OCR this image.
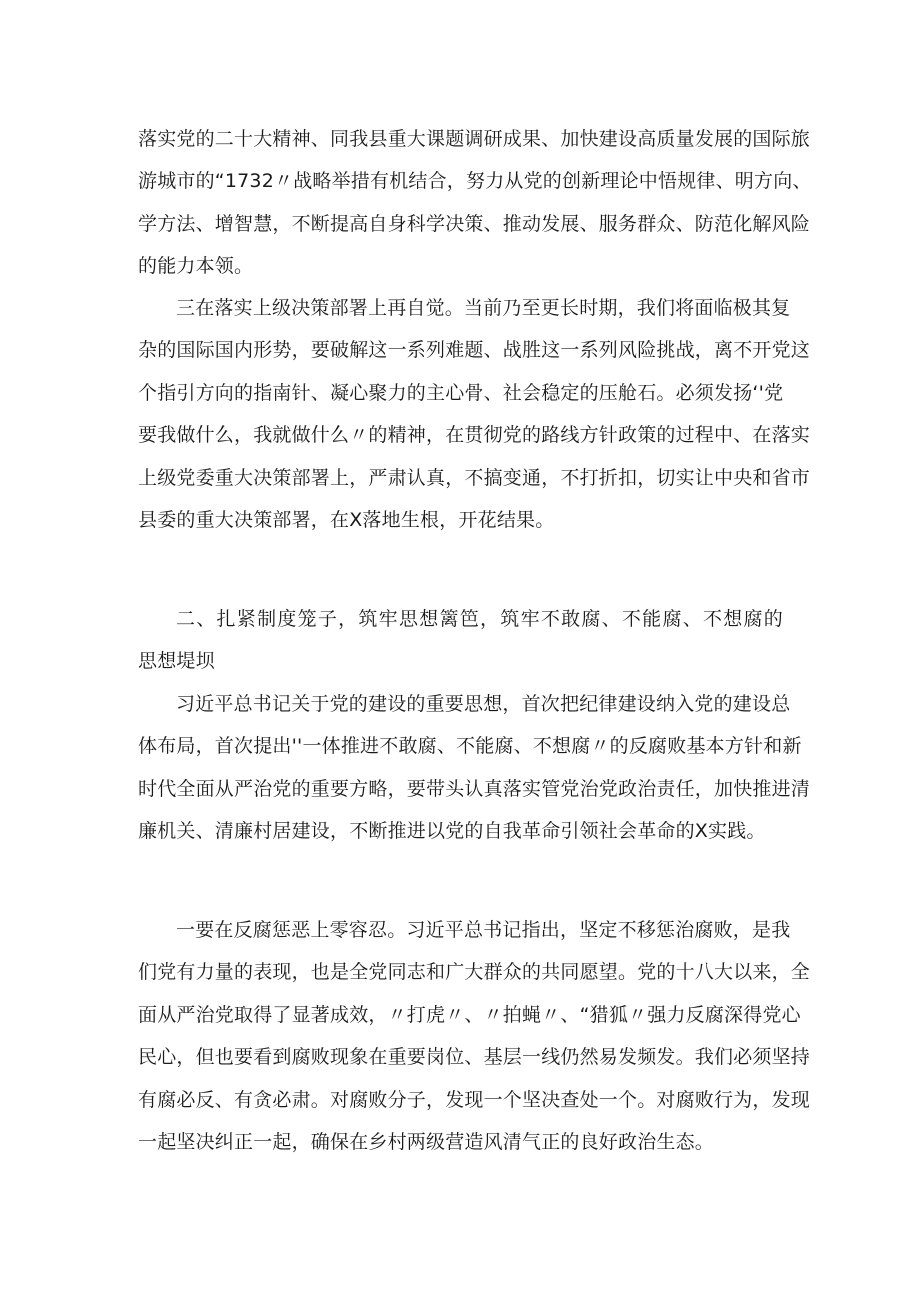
落实党的二十大精神、同我县重大课题调研成果、加快建设高质量发展的国际旅
游城市的“1732〃战略举措有机结合，努力从党的创新理论中悟规律、明方向、
学方法、增智慧，不断提高自身科学决策、推动发展、服务群众、防范化解风险
的能力本领。
三在落实上级决策部署上再自觉。当前乃至更长时期，我们将面临极其复
杂的国际国内形势，要破解这一系列难题、战胜这一系列风险挑战，离不开党这
个指引方向的指南针、凝心聚力的主心骨、社会稳定的压舱石。必须发扬‘'党
要我做什么，我就做什么〃的精神，在贯彻党的路线方针政策的过程中、在落实
上级党委重大决策部署上，严肃认真，不搞变通，不打折扣，切实让中央和省市
县委的重大决策部署，在X落地生根，开花结果。
二、扎紧制度笼子，筑牢思想篱笆，筑牢不敢腐、不能腐、不想腐的
思想堤坝
习近平总书记关于党的建设的重要思想，首次把纪律建设纳入党的建设总
体布局，首次提出''一体推进不敢腐、不能腐、不想腐〃的反腐败基本方针和新
时代全面从严治党的重要方略，要带头认真落实管党治党政治责任，加快推进清
廉机关、清廉村居建设，不断推进以党的自我革命引领社会革命的X实践。
一要在反腐惩恶上零容忍。习近平总书记指出，坚定不移惩治腐败，是我
们党有力量的表现，也是全党同志和广大群众的共同愿望。党的十八大以来，全
面从严治党取得了显著成效，〃打虎〃、〃拍蝇〃、“猎狐〃强力反腐深得党心
民心，但也要看到腐败现象在重要岗位、基层一线仍然易发频发。我们必须坚持
有腐必反、有贪必肃。对腐败分子，发现一个坚决查处一个。对腐败行为，发现
一起坚决纠正一起，确保在乡村两级营造风清气正的良好政治生态。
